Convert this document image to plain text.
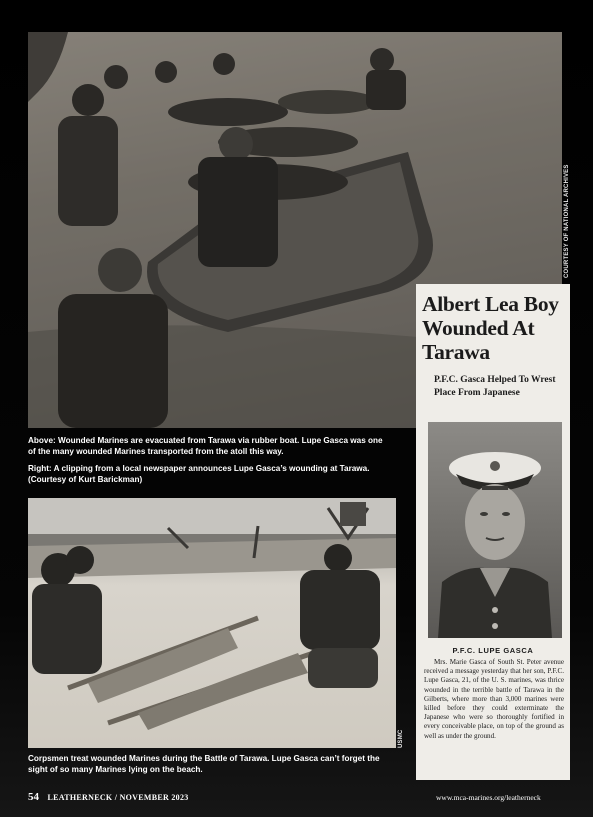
COURTESY OF NATIONAL ARCHIVES
Above: Wounded Marines are evacuated from Tarawa via rubber boat. Lupe Gasca was one of the many wounded Marines transported from the atoll this way.
Right: A clipping from a local newspaper announces Lupe Gasca’s wounding at Tarawa. (Courtesy of Kurt Barickman)
USMC
Corpsmen treat wounded Marines during the Battle of Tarawa. Lupe Gasca can’t forget the sight of so many Marines lying on the beach.
Albert Lea Boy Wounded At Tarawa
P.F.C. Gasca Helped To Wrest Place From Japanese
P.F.C. LUPE GASCA
Mrs. Marie Gasca of South St. Peter avenue received a message yesterday that her son, P.F.C. Lupe Gasca, 21, of the U. S. marines, was thrice wounded in the terrible battle of Tarawa in the Gilberts, where more than 3,000 marines were killed before they could exterminate the Japanese who were so thoroughly fortified in every conceivable place, on top of the ground as well as under the ground.
54 LEATHERNECK / NOVEMBER 2023	www.mca-marines.org/leatherneck
